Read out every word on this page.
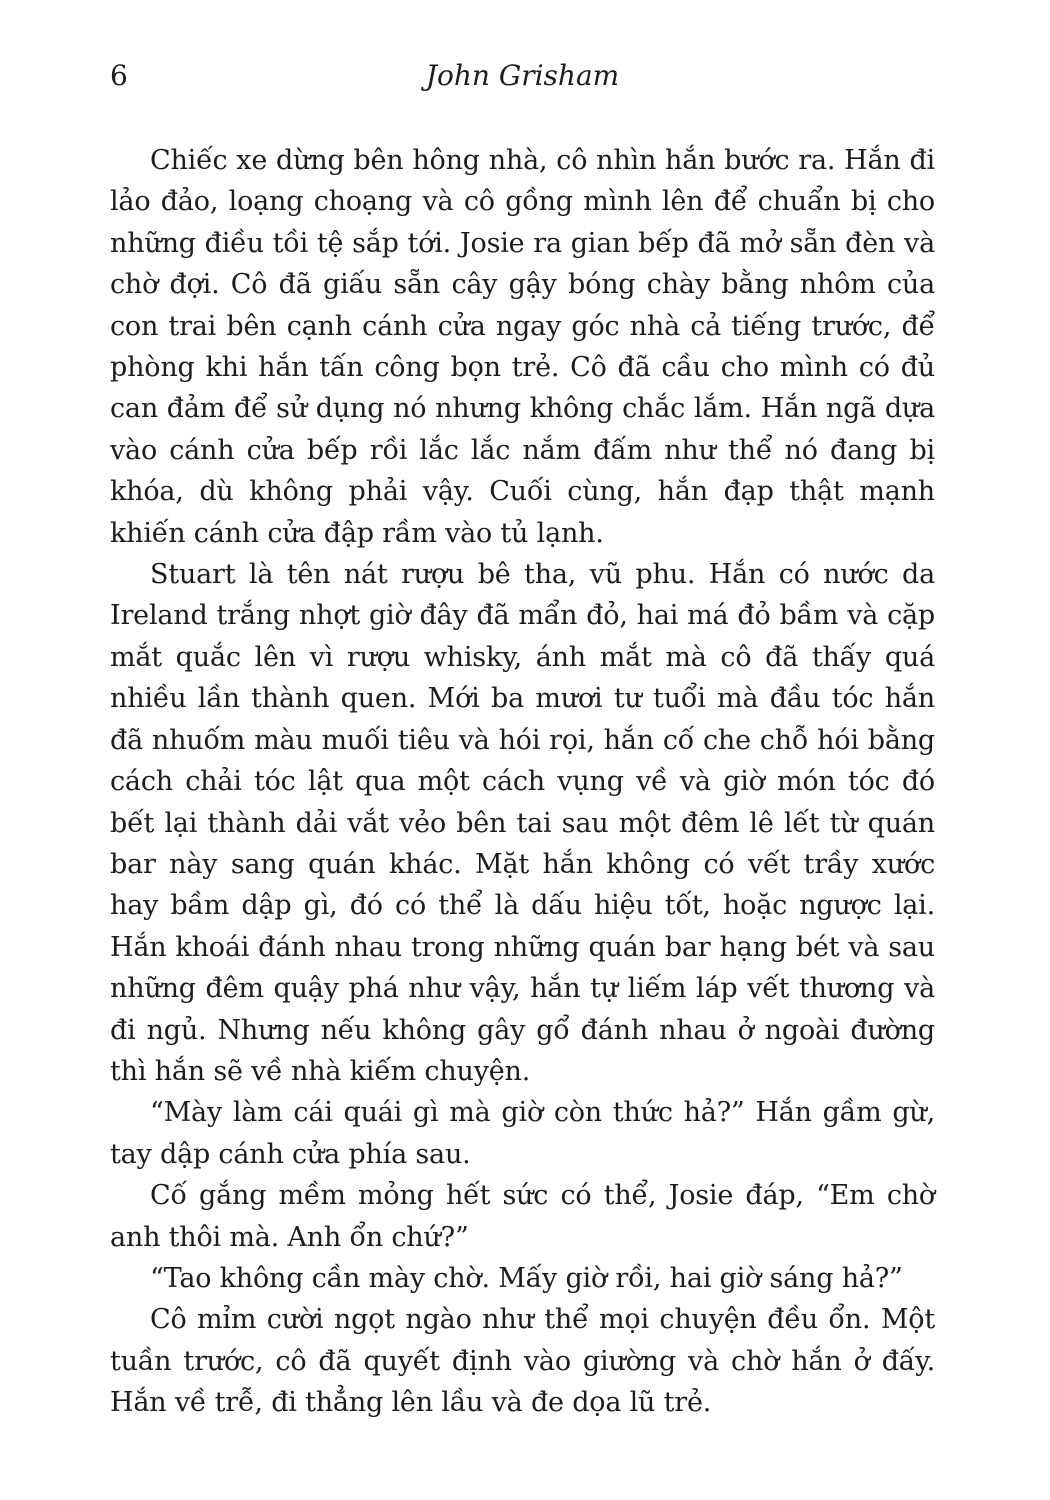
6	John Grisham

Chiếc xe dừng bên hông nhà, cô nhìn hắn bước ra. Hắn đi lảo đảo, loạng choạng và cô gồng mình lên để chuẩn bị cho những điều tồi tệ sắp tới. Josie ra gian bếp đã mở sẵn đèn và chờ đợi. Cô đã giấu sẵn cây gậy bóng chày bằng nhôm của con trai bên cạnh cánh cửa ngay góc nhà cả tiếng trước, để phòng khi hắn tấn công bọn trẻ. Cô đã cầu cho mình có đủ can đảm để sử dụng nó nhưng không chắc lắm. Hắn ngã dựa vào cánh cửa bếp rồi lắc lắc nắm đấm như thể nó đang bị khóa, dù không phải vậy. Cuối cùng, hắn đạp thật mạnh khiến cánh cửa đập rầm vào tủ lạnh.

Stuart là tên nát rượu bê tha, vũ phu. Hắn có nước da Ireland trắng nhợt giờ đây đã mẩn đỏ, hai má đỏ bầm và cặp mắt quắc lên vì rượu whisky, ánh mắt mà cô đã thấy quá nhiều lần thành quen. Mới ba mươi tư tuổi mà đầu tóc hắn đã nhuốm màu muối tiêu và hói rọi, hắn cố che chỗ hói bằng cách chải tóc lật qua một cách vụng về và giờ món tóc đó bết lại thành dải vắt vẻo bên tai sau một đêm lê lết từ quán bar này sang quán khác. Mặt hắn không có vết trầy xước hay bầm dập gì, đó có thể là dấu hiệu tốt, hoặc ngược lại. Hắn khoái đánh nhau trong những quán bar hạng bét và sau những đêm quậy phá như vậy, hắn tự liếm láp vết thương và đi ngủ. Nhưng nếu không gây gổ đánh nhau ở ngoài đường thì hắn sẽ về nhà kiếm chuyện.

“Mày làm cái quái gì mà giờ còn thức hả?” Hắn gầm gừ, tay dập cánh cửa phía sau.

Cố gắng mềm mỏng hết sức có thể, Josie đáp, “Em chờ anh thôi mà. Anh ổn chứ?”

“Tao không cần mày chờ. Mấy giờ rồi, hai giờ sáng hả?”

Cô mỉm cười ngọt ngào như thể mọi chuyện đều ổn. Một tuần trước, cô đã quyết định vào giường và chờ hắn ở đấy. Hắn về trễ, đi thẳng lên lầu và đe dọa lũ trẻ.
